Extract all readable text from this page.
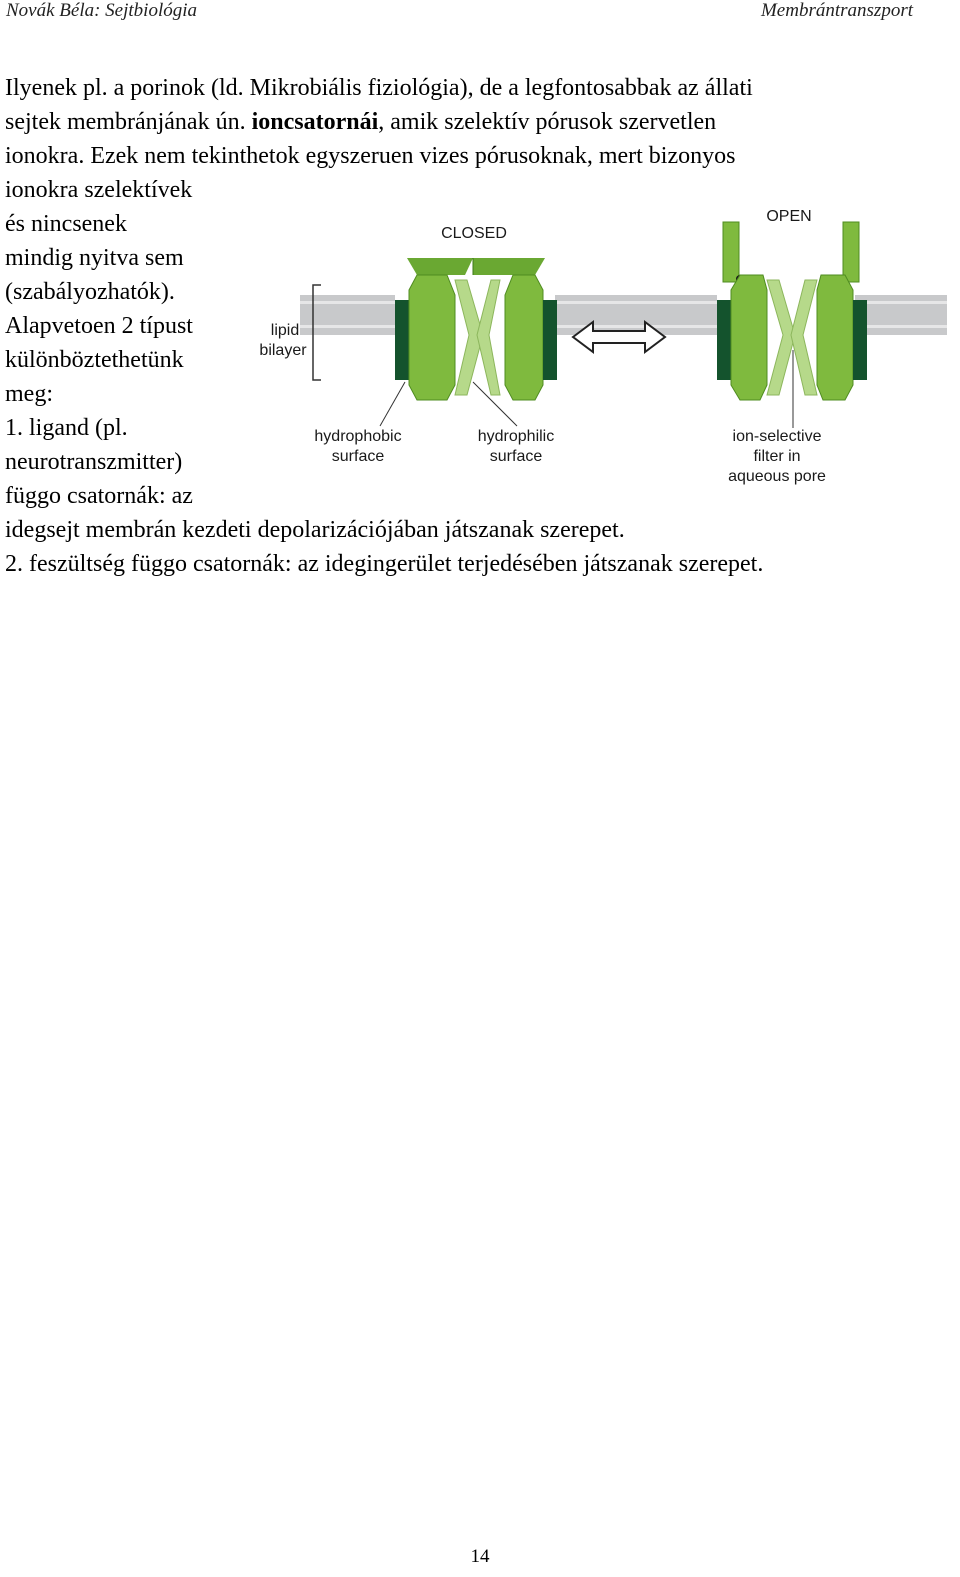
Novák Béla: Sejtbiológia	Membrántranszport
Ilyenek pl. a porinok (ld. Mikrobiális fiziológia), de a legfontosabbak az állati
sejtek membránjának ún. ioncsatornái, amik szelektív pórusok szervetlen
ionokra. Ezek nem tekinthetok egyszeruen vizes pórusoknak, mert bizonyos
ionokra szelektívek
és nincsenek
mindig nyitva sem
(szabályozhatók).
Alapvetoen 2 típust
különböztethetünk
meg:
1. ligand (pl.
neurotranszmitter)
függo csatornák: az
idegsejt membrán kezdeti depolarizációjában játszanak szerepet.
2. feszültség függo csatornák: az idegingerület terjedésében játszanak szerepet.
CLOSED
OPEN
lipid
bilayer
hydrophobic
surface
hydrophilic
surface
ion-selective
filter in
aqueous pore
14
